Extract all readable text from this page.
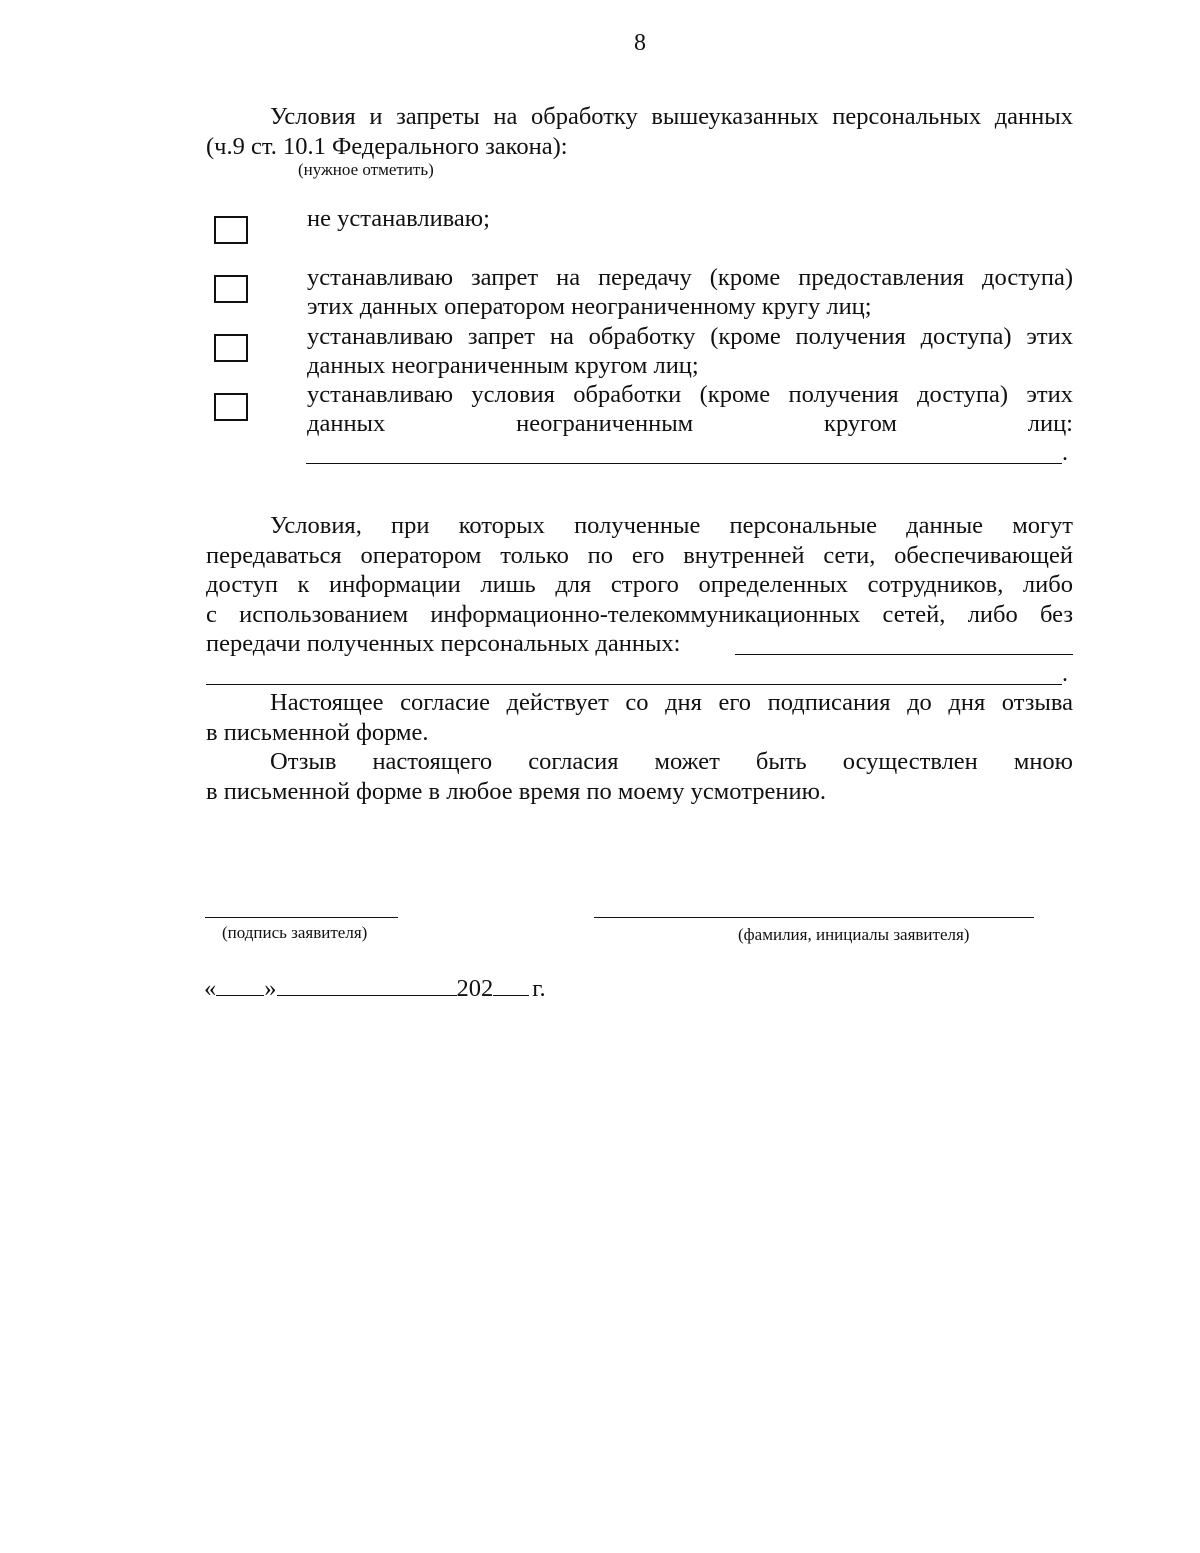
8
Условия и запреты на обработку вышеуказанных персональных данных
(ч.9 ст. 10.1 Федерального закона):
(нужное отметить)
не устанавливаю;
устанавливаю запрет на передачу (кроме предоставления доступа)
этих данных оператором неограниченному кругу лиц;
устанавливаю запрет на обработку (кроме получения доступа) этих
данных неограниченным кругом лиц;
устанавливаю условия обработки (кроме получения доступа) этих
данных неограниченным кругом лиц:
.
Условия, при которых полученные персональные данные могут
передаваться оператором только по его внутренней сети, обеспечивающей
доступ к информации лишь для строго определенных сотрудников, либо
с использованием информационно-телекоммуникационных сетей, либо без
передачи полученных персональных данных:
.
Настоящее согласие действует со дня его подписания до дня отзыва
в письменной форме.
Отзыв настоящего согласия может быть осуществлен мною
в письменной форме в любое время по моему усмотрению.
(подпись заявителя)	(фамилия, инициалы заявителя)
« »	202 г.
